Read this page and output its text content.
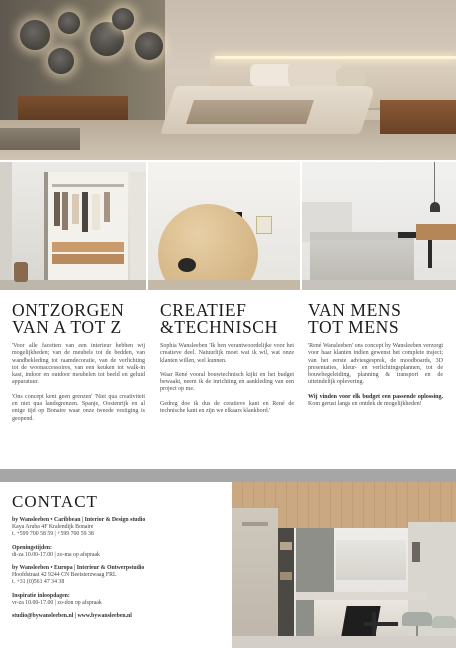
ONTZORGEN
VAN A TOT Z

'Voor alle facetten van een interieur hebben wij mogelijkheden; van de meubels tot de bedden, van wandbekleding tot raamdecoratie, van de verlichting tot de woonaccessoires, van een keuken tot walk-in kast, indoor en outdoor meubelen tot beeld en geluid apparatuur.

'Ons concept kent geen grenzen' 'Niet qua creativiteit en niet qua landsgrenzen. Spanje, Oostenrijk en al enige tijd op Bonaire waar onze tweede vestiging is geopend.

CREATIEF
&TECHNISCH

Sophia Wansleeben 'Ik ben verantwoordelijke voor het creatieve deel. Natuurlijk moet wat ik wil, wat onze klanten willen, wel kunnen.

Waar René vooral bouwtechnisch kijkt en het budget bewaakt, neem ik de inrichting en aankleding van een project op me.

Gedreg doe ik dus de creatieve kant en René de technische kant en zijn we elkaars klankbord.'

VAN MENS
TOT MENS

'René Wansleeben' ons concept by Wansleeben verzorgt voor haar klanten indien gewenst het complete traject; van het eerste adviesgesprek, de moodboards, 3D presentaties, kleur- en verlichtingsplannen, tot de bouwbegeleiding, planning & transport en de uiteindelijk oplevering.

Wij vinden voor elk budget een passende oplossing. Kom gerust langs en ontdek de mogelijkheden!

CONTACT
by Wansleeben • Caribbean | Interior & Design studio
Kaya Aruba 4F Kralendijk Bonaire
t. +599 700 58 59 | +599 700 59 38
Openingstijden:
di-za 10.00-17.00 | zo-ma op afspraak
by Wansleeben • Europa | Interieur & Ontwerpstudio
Hoofdstraat 42 9244 CN Beetsterzwaag FRL
t. +31 (0)561 47 34 38
Inspiratie inloopdagen:
vr-za 10.00-17.00 | zo-don op afspraak
studio@bywansleeben.nl | www.bywansleeben.nl
